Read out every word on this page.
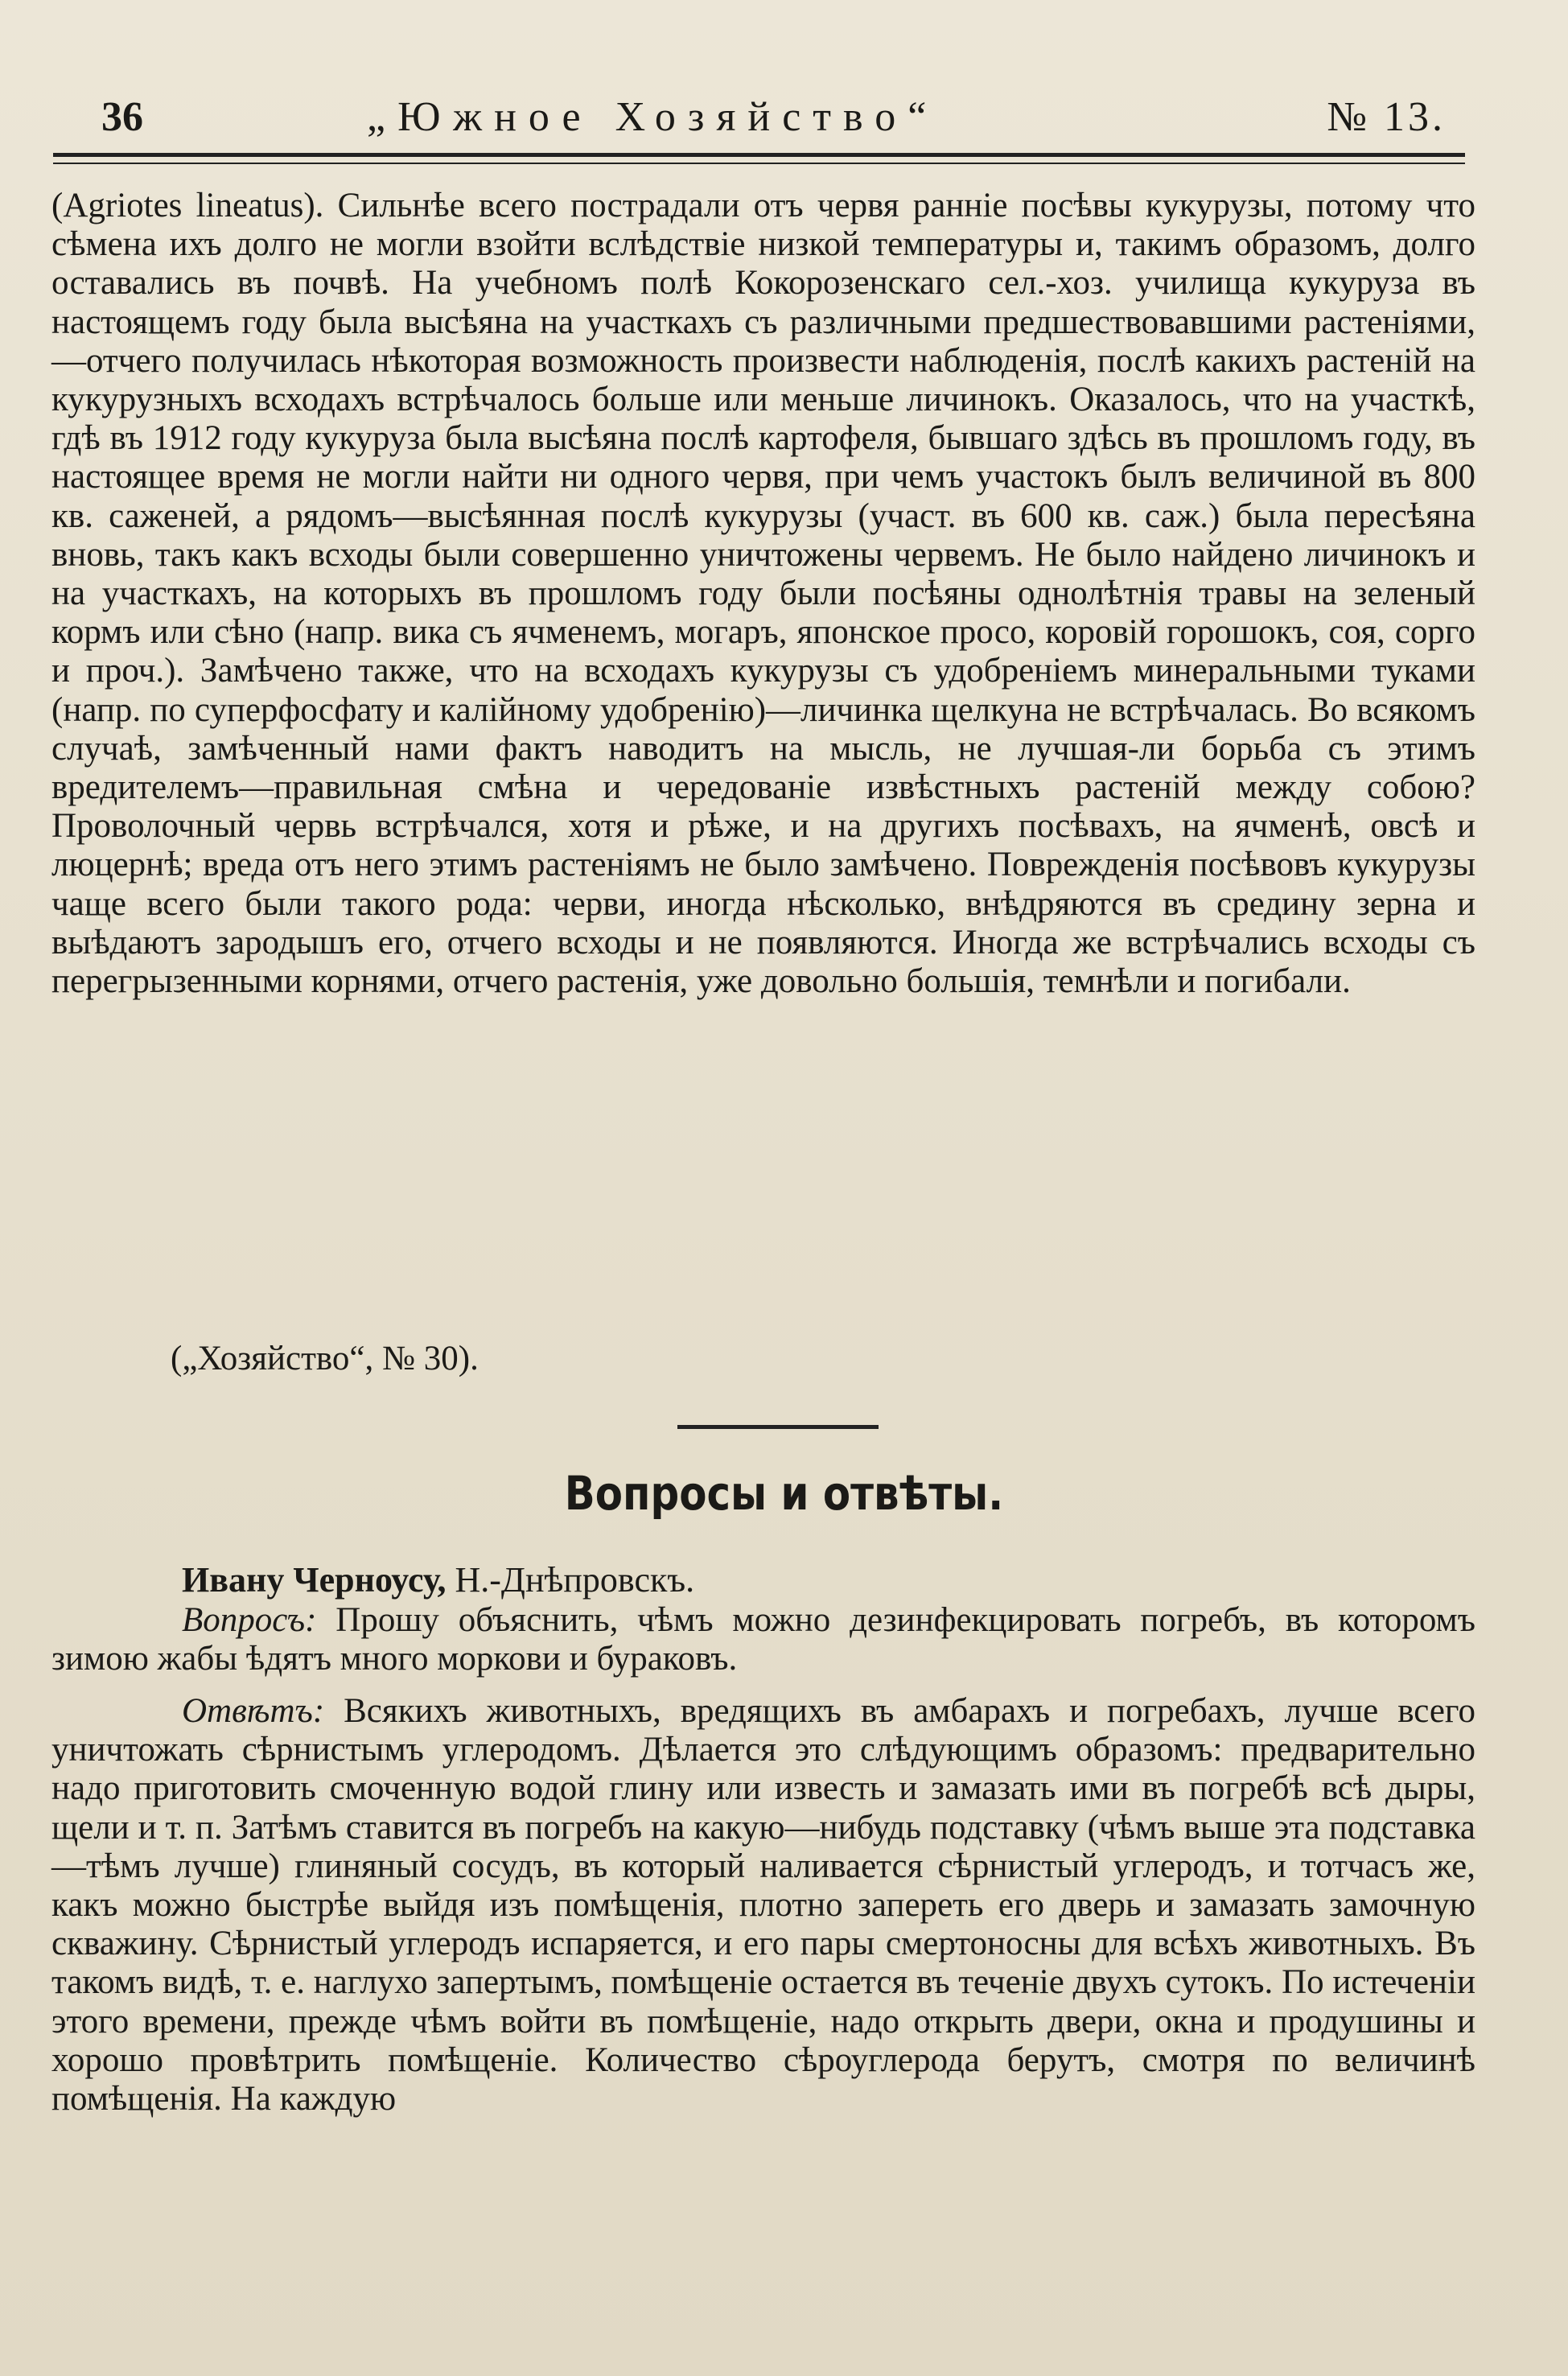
36	„Южное Хозяйство“	№ 13.

(Agriotes lineatus). Сильнѣе всего пострадали отъ червя ранніе посѣвы кукурузы, потому что сѣмена ихъ долго не могли взойти вслѣдствіе низкой температуры и, такимъ образомъ, долго оставались въ почвѣ. На учебномъ полѣ Кокорозенскаго сел.-хоз. училища кукуруза въ настоящемъ году была высѣяна на участкахъ съ различными предшествовавшими растеніями,—отчего получилась нѣкоторая возможность произвести наблюденія, послѣ какихъ растеній на кукурузныхъ всходахъ встрѣчалось больше или меньше личинокъ. Оказалось, что на участкѣ, гдѣ въ 1912 году кукуруза была высѣяна послѣ картофеля, бывшаго здѣсь въ прошломъ году, въ настоящее время не могли найти ни одного червя, при чемъ участокъ былъ величиной въ 800 кв. саженей, а рядомъ—высѣянная послѣ кукурузы (участ. въ 600 кв. саж.) была пересѣяна вновь, такъ какъ всходы были совершенно уничтожены червемъ. Не было найдено личинокъ и на участкахъ, на которыхъ въ прошломъ году были посѣяны однолѣтнія травы на зеленый кормъ или сѣно (напр. вика съ ячменемъ, могаръ, японское просо, коровій горошокъ, соя, сорго и проч.). Замѣчено также, что на всходахъ кукурузы съ удобреніемъ минеральными туками (напр. по суперфосфату и калійному удобренію)—личинка щелкуна не встрѣчалась. Во всякомъ случаѣ, замѣченный нами фактъ наводитъ на мысль, не лучшая-ли борьба съ этимъ вредителемъ—правильная смѣна и чередованіе извѣстныхъ растеній между собою? Проволочный червь встрѣчался, хотя и рѣже, и на другихъ посѣвахъ, на ячменѣ, овсѣ и люцернѣ; вреда отъ него этимъ растеніямъ не было замѣчено. Поврежденія посѣвовъ кукурузы чаще всего были такого рода: черви, иногда нѣсколько, внѣдряются въ средину зерна и выѣдаютъ зародышъ его, отчего всходы и не появляются. Иногда же встрѣчались всходы съ перегрызенными корнями, отчего растенія, уже довольно большія, темнѣли и погибали.

(„Хозяйство“, № 30).
Вопросы и отвѣты.
Ивану Черноусу, Н.-Днѣпровскъ.

Вопросъ: Прошу объяснить, чѣмъ можно дезинфекцировать погребъ, въ которомъ зимою жабы ѣдятъ много моркови и бураковъ.

Отвѣтъ: Всякихъ животныхъ, вредящихъ въ амбарахъ и погребахъ, лучше всего уничтожать сѣрнистымъ углеродомъ. Дѣлается это слѣдующимъ образомъ: предварительно надо приготовить смоченную водой глину или известь и замазать ими въ погребѣ всѣ дыры, щели и т. п. Затѣмъ ставится въ погребъ на какую—нибудь подставку (чѣмъ выше эта подставка—тѣмъ лучше) глиняный сосудъ, въ который наливается сѣрнистый углеродъ, и тотчасъ же, какъ можно быстрѣе выйдя изъ помѣщенія, плотно запереть его дверь и замазать замочную скважину. Сѣрнистый углеродъ испаряется, и его пары смертоносны для всѣхъ животныхъ. Въ такомъ видѣ, т. е. наглухо запертымъ, помѣщеніе остается въ теченіе двухъ сутокъ. По истеченіи этого времени, прежде чѣмъ войти въ помѣщеніе, надо открыть двери, окна и продушины и хорошо провѣтрить помѣщеніе. Количество сѣроуглерода берутъ, смотря по величинѣ помѣщенія. На каждую
